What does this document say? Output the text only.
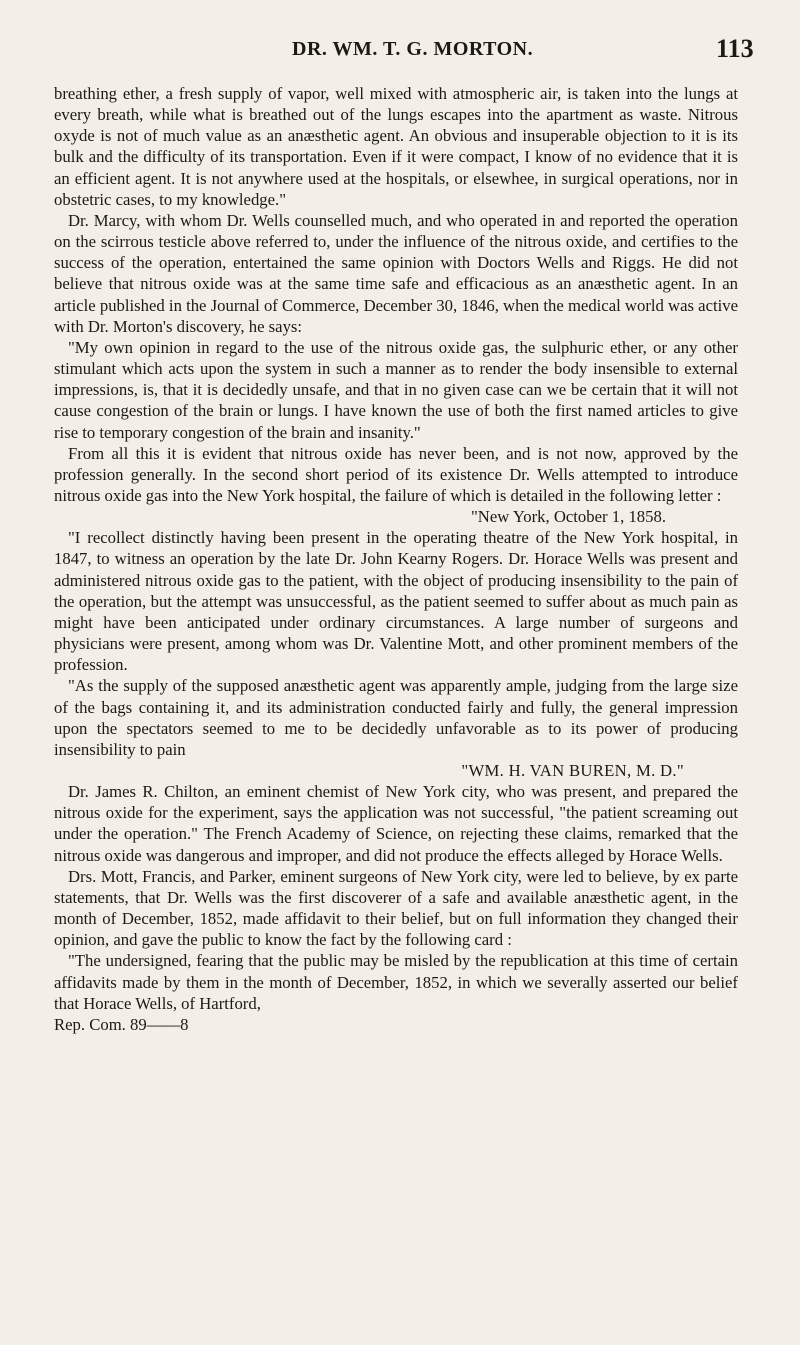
DR. WM. T. G. MORTON.	113

breathing ether, a fresh supply of vapor, well mixed with atmospheric air, is taken into the lungs at every breath, while what is breathed out of the lungs escapes into the apartment as waste. Nitrous oxyde is not of much value as an anæsthetic agent. An obvious and insuperable objection to it is its bulk and the difficulty of its transportation. Even if it were compact, I know of no evidence that it is an efficient agent. It is not anywhere used at the hospitals, or elsewhee, in surgical operations, nor in obstetric cases, to my knowledge."

Dr. Marcy, with whom Dr. Wells counselled much, and who operated in and reported the operation on the scirrous testicle above referred to, under the influence of the nitrous oxide, and certifies to the success of the operation, entertained the same opinion with Doctors Wells and Riggs. He did not believe that nitrous oxide was at the same time safe and efficacious as an anæsthetic agent. In an article published in the Journal of Commerce, December 30, 1846, when the medical world was active with Dr. Morton's discovery, he says:

"My own opinion in regard to the use of the nitrous oxide gas, the sulphuric ether, or any other stimulant which acts upon the system in such a manner as to render the body insensible to external impressions, is, that it is decidedly unsafe, and that in no given case can we be certain that it will not cause congestion of the brain or lungs. I have known the use of both the first named articles to give rise to temporary congestion of the brain and insanity."

From all this it is evident that nitrous oxide has never been, and is not now, approved by the profession generally. In the second short period of its existence Dr. Wells attempted to introduce nitrous oxide gas into the New York hospital, the failure of which is detailed in the following letter :

"New York, October 1, 1858.

"I recollect distinctly having been present in the operating theatre of the New York hospital, in 1847, to witness an operation by the late Dr. John Kearny Rogers. Dr. Horace Wells was present and administered nitrous oxide gas to the patient, with the object of producing insensibility to the pain of the operation, but the attempt was unsuccessful, as the patient seemed to suffer about as much pain as might have been anticipated under ordinary circumstances. A large number of surgeons and physicians were present, among whom was Dr. Valentine Mott, and other prominent members of the profession.

"As the supply of the supposed anæsthetic agent was apparently ample, judging from the large size of the bags containing it, and its administration conducted fairly and fully, the general impression upon the spectators seemed to me to be decidedly unfavorable as to its power of producing insensibility to pain

"WM. H. VAN BUREN, M. D."

Dr. James R. Chilton, an eminent chemist of New York city, who was present, and prepared the nitrous oxide for the experiment, says the application was not successful, "the patient screaming out under the operation." The French Academy of Science, on rejecting these claims, remarked that the nitrous oxide was dangerous and improper, and did not produce the effects alleged by Horace Wells.

Drs. Mott, Francis, and Parker, eminent surgeons of New York city, were led to believe, by ex parte statements, that Dr. Wells was the first discoverer of a safe and available anæsthetic agent, in the month of December, 1852, made affidavit to their belief, but on full information they changed their opinion, and gave the public to know the fact by the following card :

"The undersigned, fearing that the public may be misled by the republication at this time of certain affidavits made by them in the month of December, 1852, in which we severally asserted our belief that Horace Wells, of Hartford,

Rep. Com. 89——8
